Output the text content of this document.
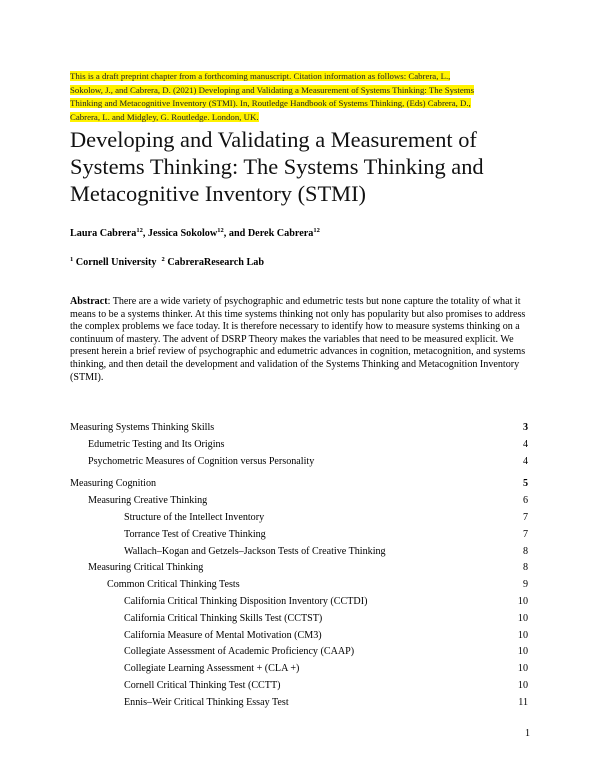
This is a draft preprint chapter from a forthcoming manuscript. Citation information as follows: Cabrera, L.,
Sokolow, J., and Cabrera, D. (2021) Developing and Validating a Measurement of Systems Thinking: The Systems
Thinking and Metacognitive Inventory (STMI). In, Routledge Handbook of Systems Thinking, (Eds) Cabrera, D.,
Cabrera, L. and Midgley, G. Routledge. London, UK.
Developing and Validating a Measurement of Systems Thinking: The Systems Thinking and Metacognitive Inventory (STMI)
Laura Cabrera$^{12}$, Jessica Sokolow$^{12}$, and Derek Cabrera$^{12}$
$^1$ Cornell University $^2$ CabreraResearch Lab
Abstract: There are a wide variety of psychographic and edumetric tests but none capture the totality of what it means to be a systems thinker. At this time systems thinking not only has popularity but also promises to address the complex problems we face today. It is therefore necessary to identify how to measure systems thinking on a continuum of mastery. The advent of DSRP Theory makes the variables that need to be measured explicit. We present herein a brief review of psychographic and edumetric advances in cognition, metacognition, and systems thinking, and then detail the development and validation of the Systems Thinking and Metacognition Inventory (STMI).
Measuring Systems Thinking Skills	3
Edumetric Testing and Its Origins	4
Psychometric Measures of Cognition versus Personality	4
Measuring Cognition	5
Measuring Creative Thinking	6
Structure of the Intellect Inventory	7
Torrance Test of Creative Thinking	7
Wallach–Kogan and Getzels–Jackson Tests of Creative Thinking	8
Measuring Critical Thinking	8
Common Critical Thinking Tests	9
California Critical Thinking Disposition Inventory (CCTDI)	10
California Critical Thinking Skills Test (CCTST)	10
California Measure of Mental Motivation (CM3)	10
Collegiate Assessment of Academic Proficiency (CAAP)	10
Collegiate Learning Assessment + (CLA +)	10
Cornell Critical Thinking Test (CCTT)	10
Ennis–Weir Critical Thinking Essay Test	11
1
